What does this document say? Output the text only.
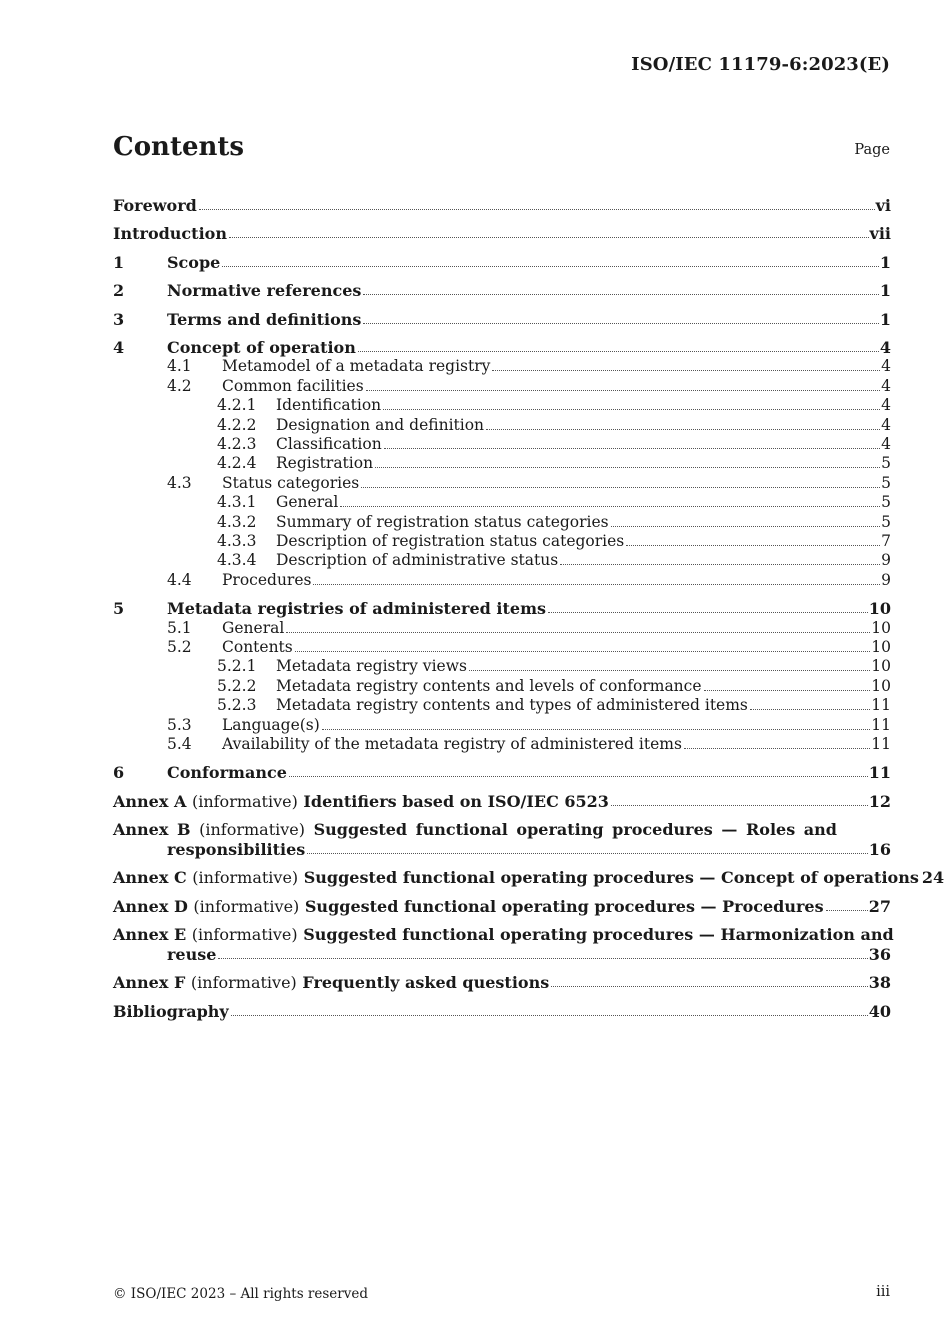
ISO/IEC 11179-6:2023(E)
Contents	Page
Foreword	vi
Introduction	vii
1	Scope	1
2	Normative references	1
3	Terms and definitions	1
4	Concept of operation	4
4.1	Metamodel of a metadata registry	4
4.2	Common facilities	4
4.2.1	Identification	4
4.2.2	Designation and definition	4
4.2.3	Classification	4
4.2.4	Registration	5
4.3	Status categories	5
4.3.1	General	5
4.3.2	Summary of registration status categories	5
4.3.3	Description of registration status categories	7
4.3.4	Description of administrative status	9
4.4	Procedures	9
5	Metadata registries of administered items	10
5.1	General	10
5.2	Contents	10
5.2.1	Metadata registry views	10
5.2.2	Metadata registry contents and levels of conformance	10
5.2.3	Metadata registry contents and types of administered items	11
5.3	Language(s)	11
5.4	Availability of the metadata registry of administered items	11
6	Conformance	11
Annex A (informative) Identifiers based on ISO/IEC 6523	12
Annex B (informative) Suggested functional operating procedures — Roles and
responsibilities	16
Annex C (informative) Suggested functional operating procedures — Concept of operations 24
Annex D (informative) Suggested functional operating procedures — Procedures	27
Annex E (informative) Suggested functional operating procedures — Harmonization and
reuse	36
Annex F (informative) Frequently asked questions	38
Bibliography	40
© ISO/IEC 2023 – All rights reserved	iii
